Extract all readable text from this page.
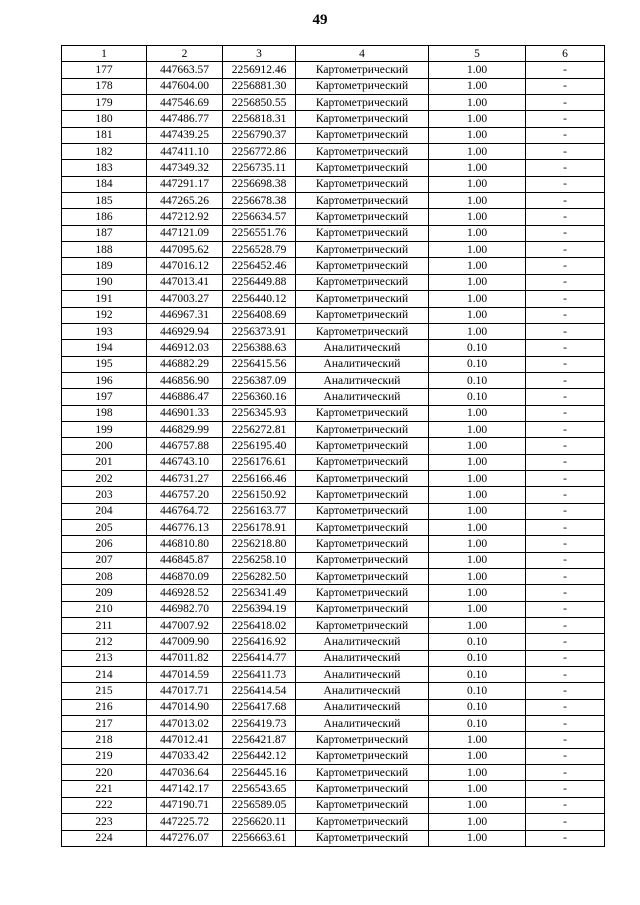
49
1	2	3	4	5	6
177	447663.57	2256912.46	Картометрический	1.00	-
178	447604.00	2256881.30	Картометрический	1.00	-
179	447546.69	2256850.55	Картометрический	1.00	-
180	447486.77	2256818.31	Картометрический	1.00	-
181	447439.25	2256790.37	Картометрический	1.00	-
182	447411.10	2256772.86	Картометрический	1.00	-
183	447349.32	2256735.11	Картометрический	1.00	-
184	447291.17	2256698.38	Картометрический	1.00	-
185	447265.26	2256678.38	Картометрический	1.00	-
186	447212.92	2256634.57	Картометрический	1.00	-
187	447121.09	2256551.76	Картометрический	1.00	-
188	447095.62	2256528.79	Картометрический	1.00	-
189	447016.12	2256452.46	Картометрический	1.00	-
190	447013.41	2256449.88	Картометрический	1.00	-
191	447003.27	2256440.12	Картометрический	1.00	-
192	446967.31	2256408.69	Картометрический	1.00	-
193	446929.94	2256373.91	Картометрический	1.00	-
194	446912.03	2256388.63	Аналитический	0.10	-
195	446882.29	2256415.56	Аналитический	0.10	-
196	446856.90	2256387.09	Аналитический	0.10	-
197	446886.47	2256360.16	Аналитический	0.10	-
198	446901.33	2256345.93	Картометрический	1.00	-
199	446829.99	2256272.81	Картометрический	1.00	-
200	446757.88	2256195.40	Картометрический	1.00	-
201	446743.10	2256176.61	Картометрический	1.00	-
202	446731.27	2256166.46	Картометрический	1.00	-
203	446757.20	2256150.92	Картометрический	1.00	-
204	446764.72	2256163.77	Картометрический	1.00	-
205	446776.13	2256178.91	Картометрический	1.00	-
206	446810.80	2256218.80	Картометрический	1.00	-
207	446845.87	2256258.10	Картометрический	1.00	-
208	446870.09	2256282.50	Картометрический	1.00	-
209	446928.52	2256341.49	Картометрический	1.00	-
210	446982.70	2256394.19	Картометрический	1.00	-
211	447007.92	2256418.02	Картометрический	1.00	-
212	447009.90	2256416.92	Аналитический	0.10	-
213	447011.82	2256414.77	Аналитический	0.10	-
214	447014.59	2256411.73	Аналитический	0.10	-
215	447017.71	2256414.54	Аналитический	0.10	-
216	447014.90	2256417.68	Аналитический	0.10	-
217	447013.02	2256419.73	Аналитический	0.10	-
218	447012.41	2256421.87	Картометрический	1.00	-
219	447033.42	2256442.12	Картометрический	1.00	-
220	447036.64	2256445.16	Картометрический	1.00	-
221	447142.17	2256543.65	Картометрический	1.00	-
222	447190.71	2256589.05	Картометрический	1.00	-
223	447225.72	2256620.11	Картометрический	1.00	-
224	447276.07	2256663.61	Картометрический	1.00	-
